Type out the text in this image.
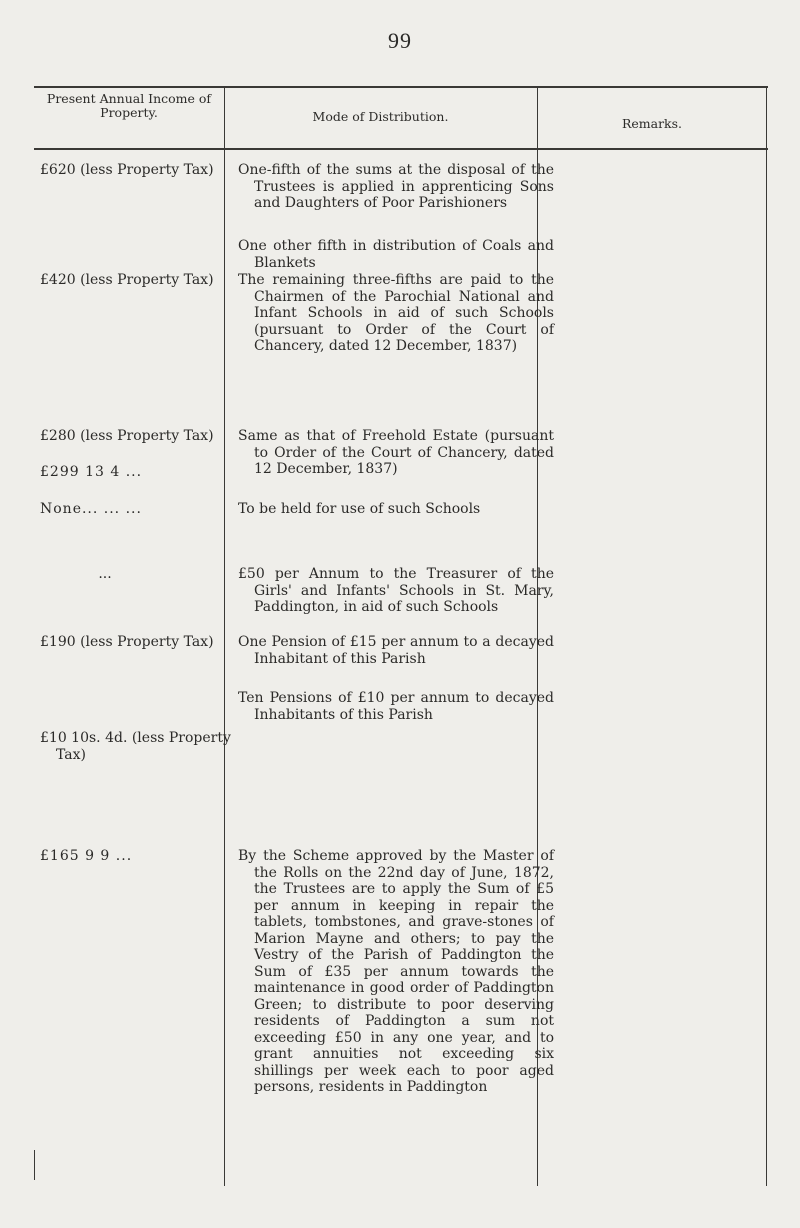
99
Present Annual Income of Property.	Mode of Distribution.	Remarks.
£620 (less Property Tax)
£420 (less Property Tax)
£280 (less Property Tax)
£299 13 4 ...
None... ... ...
...
£190 (less Property Tax)
£10 10s. 4d. (less Property Tax)
£165 9 9 ...
One-fifth of the sums at the disposal of the Trustees is applied in apprenticing Sons and Daughters of Poor Parishioners
One other fifth in distribution of Coals and Blankets
The remaining three-fifths are paid to the Chairmen of the Parochial National and Infant Schools in aid of such Schools (pursuant to Order of the Court of Chancery, dated 12 December, 1837)
Same as that of Freehold Estate (pursuant to Order of the Court of Chancery, dated 12 December, 1837)
To be held for use of such Schools
£50 per Annum to the Treasurer of the Girls' and Infants' Schools in St. Mary, Paddington, in aid of such Schools
One Pension of £15 per annum to a decayed Inhabitant of this Parish
Ten Pensions of £10 per annum to decayed Inhabitants of this Parish
By the Scheme approved by the Master of the Rolls on the 22nd day of June, 1872, the Trustees are to apply the Sum of £5 per annum in keeping in repair the tablets, tombstones, and grave-stones of Marion Mayne and others; to pay the Vestry of the Parish of Paddington the Sum of £35 per annum towards the maintenance in good order of Paddington Green; to distribute to poor deserving residents of Paddington a sum not exceeding £50 in any one year, and to grant annuities not exceeding six shillings per week each to poor aged persons, residents in Paddington
